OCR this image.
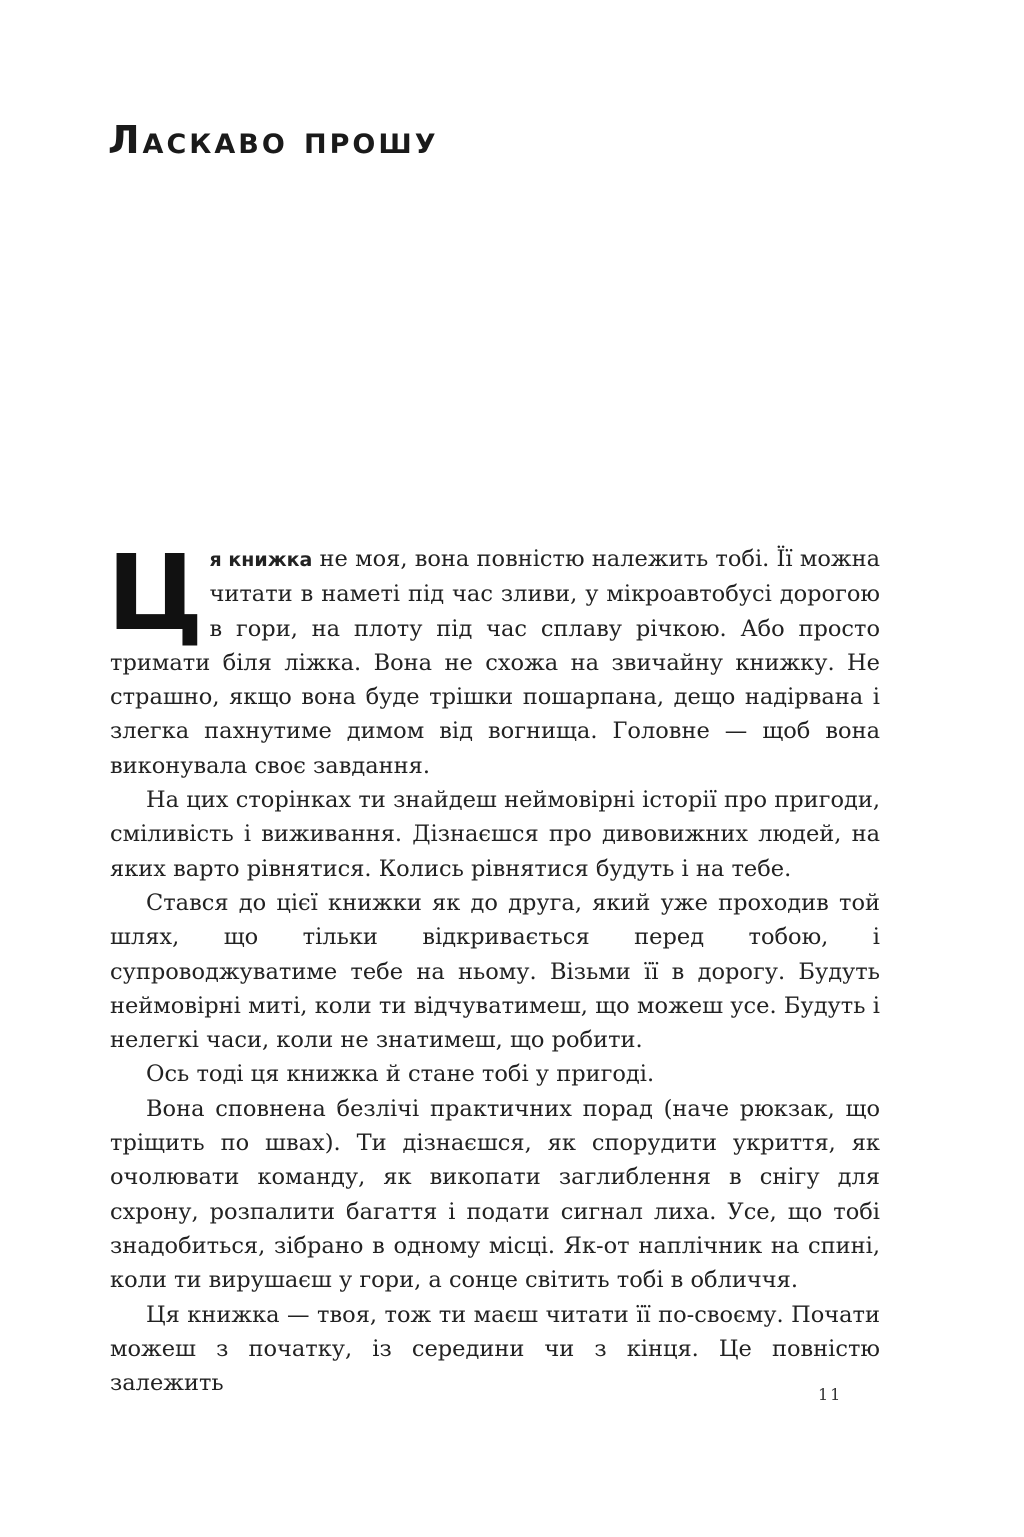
Ласкаво прошу

Ця книжка не моя, вона повністю належить тобі. Її можна читати в наметі під час зливи, у мікроавтобусі дорогою в гори, на плоту під час сплаву річкою. Або просто тримати біля ліжка. Вона не схожа на звичайну книжку. Не страшно, якщо вона буде трішки пошарпана, дещо надірвана і злегка пахнутиме димом від вогнища. Головне — щоб вона виконувала своє завдання.

На цих сторінках ти знайдеш неймовірні історії про пригоди, сміливість і виживання. Дізнаєшся про дивовижних людей, на яких варто рівнятися. Колись рівнятися будуть і на тебе.

Стався до цієї книжки як до друга, який уже проходив той шлях, що тільки відкривається перед тобою, і супроводжуватиме тебе на ньому. Візьми її в дорогу. Будуть неймовірні миті, коли ти відчуватимеш, що можеш усе. Будуть і нелегкі часи, коли не знатимеш, що робити.

Ось тоді ця книжка й стане тобі у пригоді.

Вона сповнена безлічі практичних порад (наче рюкзак, що тріщить по швах). Ти дізнаєшся, як спорудити укриття, як очолювати команду, як викопати заглиблення в снігу для схрону, розпалити багаття і подати сигнал лиха. Усе, що тобі знадобиться, зібрано в одному місці. Як-от наплічник на спині, коли ти вирушаєш у гори, а сонце світить тобі в обличчя.

Ця книжка — твоя, тож ти маєш читати її по-своєму. Почати можеш з початку, із середини чи з кінця. Це повністю залежить	11
